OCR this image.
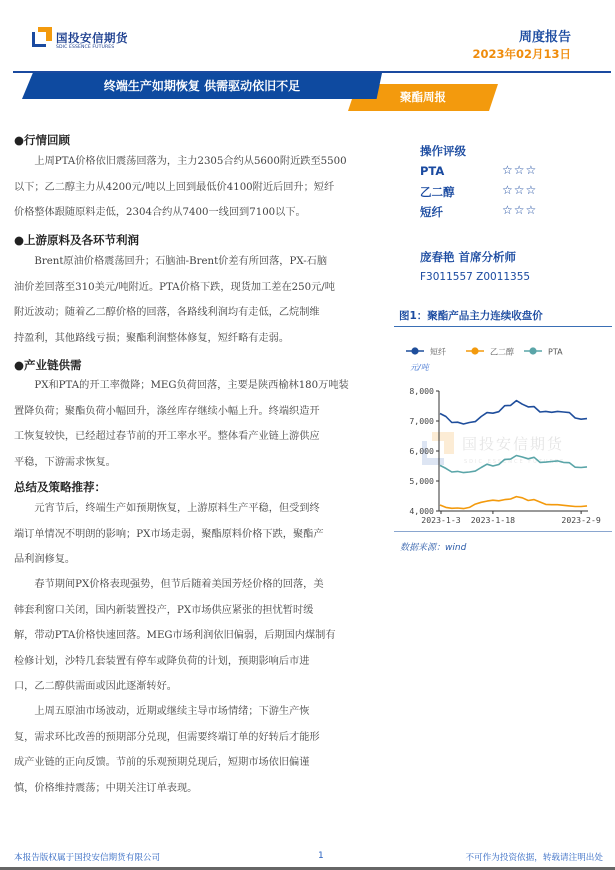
国投安信期货
SDIC ESSENCE FUTURES
周度报告
2023年02月13日
聚酯周报
终端生产如期恢复 供需驱动依旧不足
●行情回顾
上周PTA价格依旧震荡回落为，主力2305合约从5600附近跌至5500
以下；乙二醇主力从4200元/吨以上回到最低价4100附近后回升；短纤
价格整体跟随原料走低，2304合约从7400一线回到7100以下。
●上游原料及各环节利润
Brent原油价格震荡回升；石脑油-Brent价差有所回落，PX-石脑
油价差回落至310美元/吨附近。PTA价格下跌，现货加工差在250元/吨
附近波动；随着乙二醇价格的回落，各路线利润均有走低，乙烷制维
持盈利，其他路线亏损；聚酯利润整体修复，短纤略有走弱。
●产业链供需
PX和PTA的开工率微降；MEG负荷回落，主要是陕西榆林180万吨装
置降负荷；聚酯负荷小幅回升，涤丝库存继续小幅上升。终端织造开
工恢复较快，已经超过春节前的开工率水平。整体看产业链上游供应
平稳，下游需求恢复。
总结及策略推荐：
元宵节后，终端生产如预期恢复，上游原料生产平稳，但受到终
端订单情况不明朗的影响；PX市场走弱，聚酯原料价格下跌，聚酯产
品利润修复。
春节期间PX价格表现强势，但节后随着美国芳烃价格的回落，美
韩套利窗口关闭，国内新装置投产，PX市场供应紧张的担忧暂时缓
解，带动PTA价格快速回落。MEG市场利润依旧偏弱，后期国内煤制有
检修计划，沙特几套装置有停车或降负荷的计划，预期影响后市进
口，乙二醇供需面或因此逐渐转好。
上周五原油市场波动，近期或继续主导市场情绪；下游生产恢
复，需求环比改善的预期部分兑现，但需要终端订单的好转后才能形
成产业链的正向反馈。节前的乐观预期兑现后，短期市场依旧偏谨
慎，价格维持震荡；中期关注订单表现。
操作评级
PTA	☆☆☆
乙二醇	☆☆☆
短纤	☆☆☆
庞春艳 首席分析师
F3011557 Z0011355
图1：聚酯产品主力连续收盘价
国投安信期货
SDIC ESSENCE FUTURES
短纤	乙二醇	PTA
元/吨
4,000
5,000
6,000
7,000
8,000
2023-1-3 2023-1-18	2023-2-9
数据来源：wind
本报告版权属于国投安信期货有限公司	1	不可作为投资依据，转载请注明出处
